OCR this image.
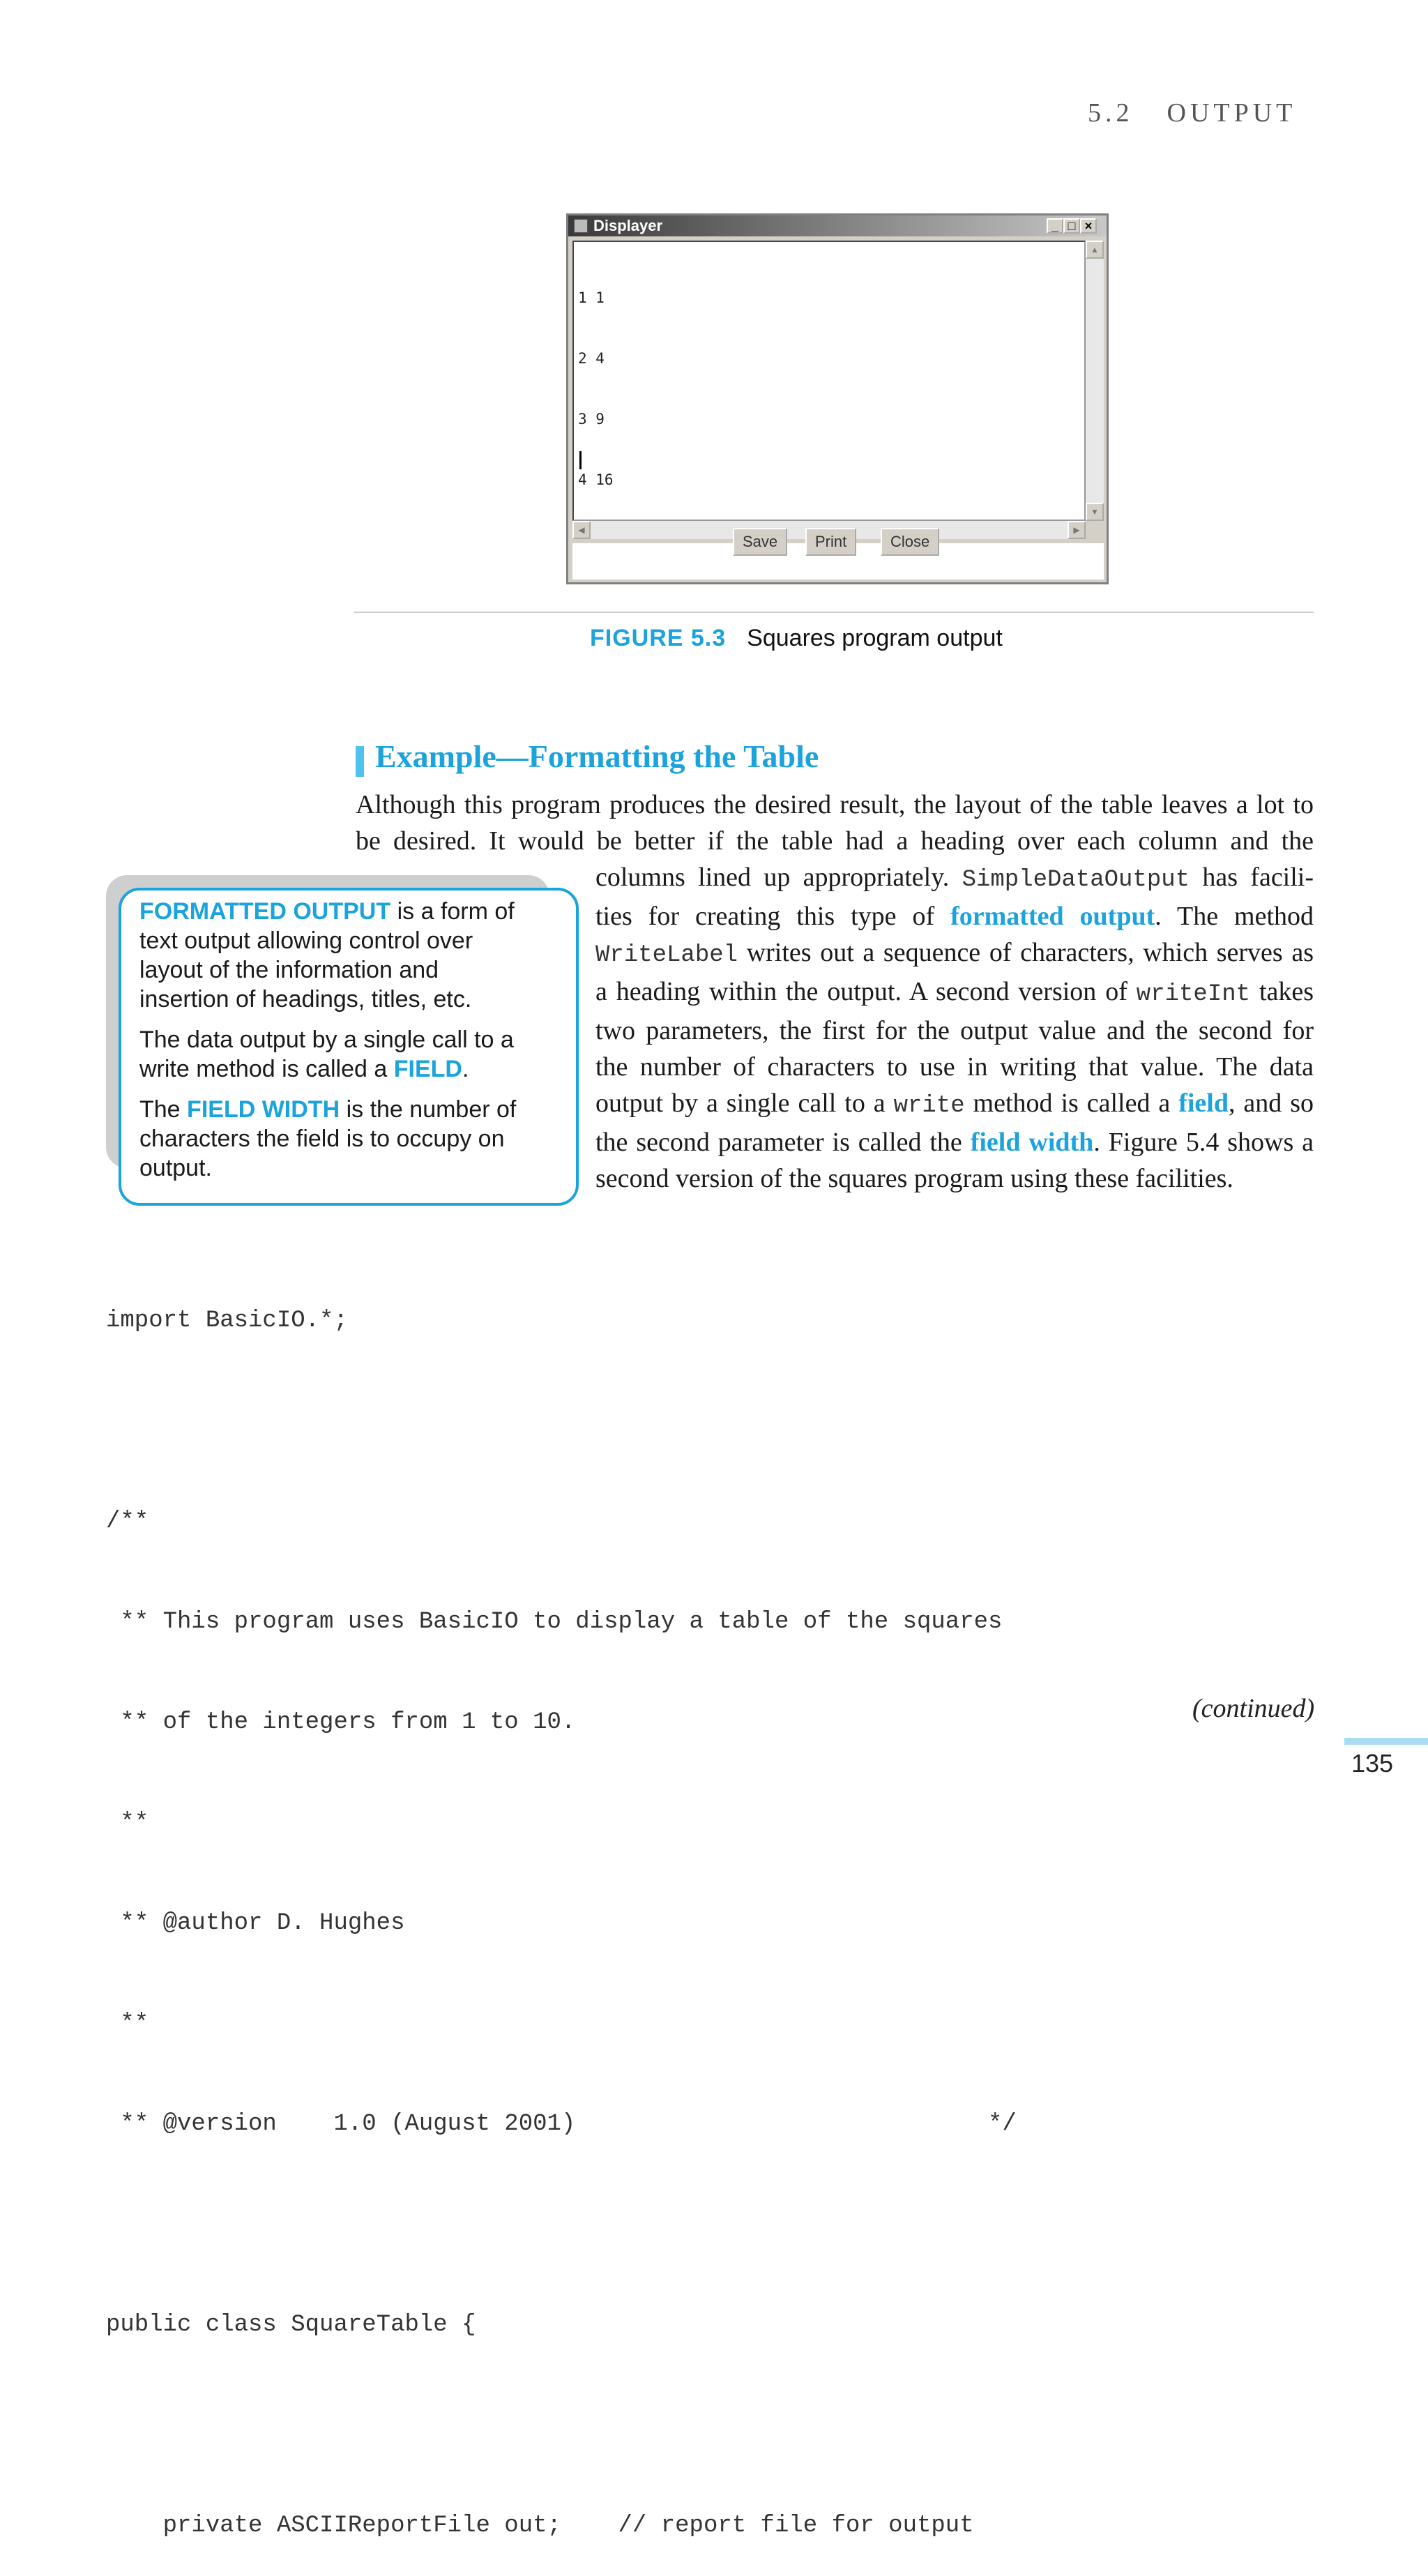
5.2 OUTPUT
Displayer	_ □ ×

1 1

2 4

3 9

4 16

▲
▼
◀	▶
Save	Print	Close
FIGURE 5.3 Squares program output
Example—Formatting the Table
Although this program produces the desired result, the layout of the table leaves a lot to
be desired. It would be better if the table had a heading over each column and the
columns lined up appropriately. SimpleDataOutput has facili-
ties for creating this type of formatted output. The method
WriteLabel writes out a sequence of characters, which serves as
a heading within the output. A second version of writeInt takes
two parameters, the first for the output value and the second for
the number of characters to use in writing that value. The data
output by a single call to a write method is called a field, and so
the second parameter is called the field width. Figure 5.4 shows a
second version of the squares program using these facilities.
FORMATTED OUTPUT is a form of
text output allowing control over
layout of the information and
insertion of headings, titles, etc.
The data output by a single call to a
write method is called a FIELD.
The FIELD WIDTH is the number of
characters the field is to occupy on
output.

import BasicIO.*;

/**

** This program uses BasicIO to display a table of the squares

** of the integers from 1 to 10.

**

** @author D. Hughes

**

** @version    1.0 (August 2001)                             */

public class SquareTable {

private ASCIIReportFile out;    // report file for output

(continued)
135
